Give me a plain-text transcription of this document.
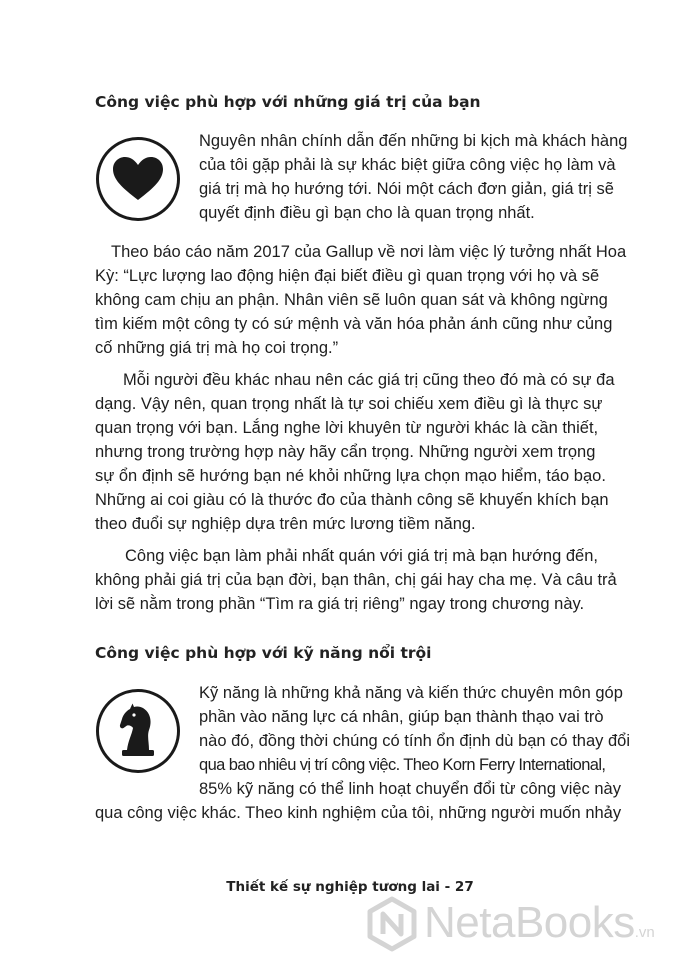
Công việc phù hợp với những giá trị của bạn
Nguyên nhân chính dẫn đến những bi kịch mà khách hàng
của tôi gặp phải là sự khác biệt giữa công việc họ làm và
giá trị mà họ hướng tới. Nói một cách đơn giản, giá trị sẽ
quyết định điều gì bạn cho là quan trọng nhất.
Theo báo cáo năm 2017 của Gallup về nơi làm việc lý tưởng nhất Hoa
Kỳ: “Lực lượng lao động hiện đại biết điều gì quan trọng với họ và sẽ
không cam chịu an phận. Nhân viên sẽ luôn quan sát và không ngừng
tìm kiếm một công ty có sứ mệnh và văn hóa phản ánh cũng như củng
cố những giá trị mà họ coi trọng.”
Mỗi người đều khác nhau nên các giá trị cũng theo đó mà có sự đa
dạng. Vậy nên, quan trọng nhất là tự soi chiếu xem điều gì là thực sự
quan trọng với bạn. Lắng nghe lời khuyên từ người khác là cần thiết,
nhưng trong trường hợp này hãy cẩn trọng. Những người xem trọng
sự ổn định sẽ hướng bạn né khỏi những lựa chọn mạo hiểm, táo bạo.
Những ai coi giàu có là thước đo của thành công sẽ khuyến khích bạn
theo đuổi sự nghiệp dựa trên mức lương tiềm năng.
Công việc bạn làm phải nhất quán với giá trị mà bạn hướng đến,
không phải giá trị của bạn đời, bạn thân, chị gái hay cha mẹ. Và câu trả
lời sẽ nằm trong phần “Tìm ra giá trị riêng” ngay trong chương này.
Công việc phù hợp với kỹ năng nổi trội
Kỹ năng là những khả năng và kiến thức chuyên môn góp
phần vào năng lực cá nhân, giúp bạn thành thạo vai trò
nào đó, đồng thời chúng có tính ổn định dù bạn có thay đổi
qua bao nhiêu vị trí công việc. Theo Korn Ferry International,
85% kỹ năng có thể linh hoạt chuyển đổi từ công việc này
qua công việc khác. Theo kinh nghiệm của tôi, những người muốn nhảy
Thiết kế sự nghiệp tương lai - 27
NetaBooks.vn
